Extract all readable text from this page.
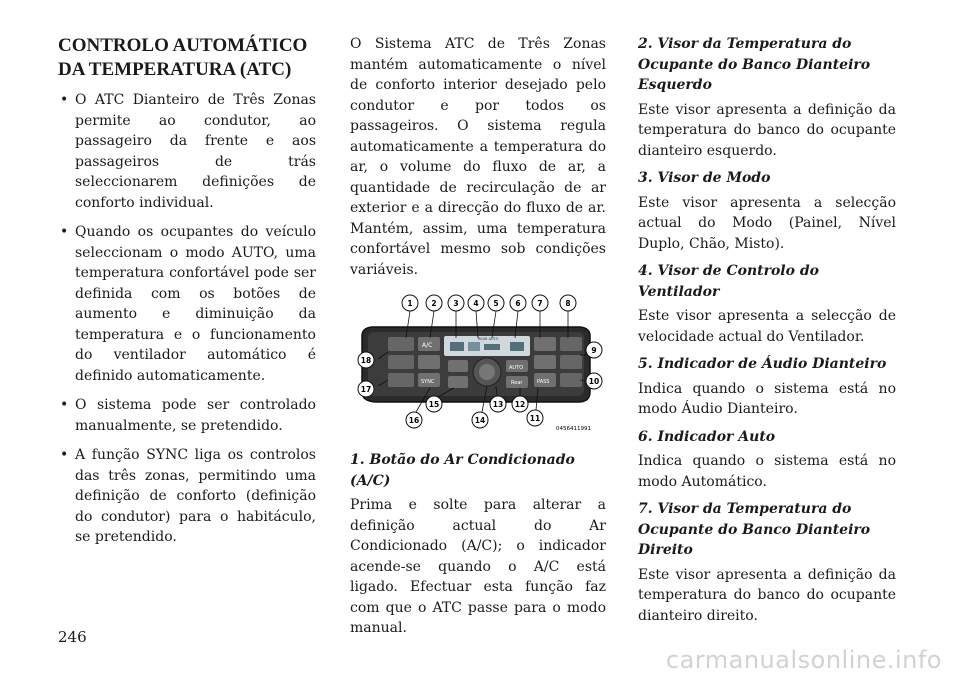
CONTROLO AUTOMÁTICO
DA TEMPERATURA (ATC)
• O ATC Dianteiro de Três Zonas permite ao condutor, ao passageiro da frente e aos passageiros de trás seleccionarem definições de conforto individual.
• Quando os ocupantes do veículo seleccionam o modo AUTO, uma temperatura confortável pode ser definida com os botões de aumento e diminuição da temperatura e o funcionamento do ventilador automático é definido automaticamente.
• O sistema pode ser controlado manualmente, se pretendido.
• A função SYNC liga os controlos das três zonas, permitindo uma definição de conforto (definição do condutor) para o habitáculo, se pretendido.

O Sistema ATC de Três Zonas mantém automaticamente o nível de conforto interior desejado pelo condutor e por todos os passageiros. O sistema regula automaticamente a temperatura do ar, o volume do fluxo de ar, a quantidade de recirculação de ar exterior e a direcção do fluxo de ar. Mantém, assim, uma temperatura confortável mesmo sob condições variáveis.

A/C
SYNC
REAR AUTO
AUTO
Rear	PASS
1	2 3 4 5 6 7	8
9
10
11
12
13
14
15
16
17
18
0456411991
1. Botão do Ar Condicionado (A/C)

Prima e solte para alterar a definição actual do Ar Condicionado (A/C); o indicador acende-se quando o A/C está ligado. Efectuar esta função faz com que o ATC passe para o modo manual.

2. Visor da Temperatura do Ocupante do Banco Dianteiro Esquerdo

Este visor apresenta a definição da temperatura do banco do ocupante dianteiro esquerdo.

3. Visor de Modo

Este visor apresenta a selecção actual do Modo (Painel, Nível Duplo, Chão, Misto).

4. Visor de Controlo do Ventilador

Este visor apresenta a selecção de velocidade actual do Ventilador.

5. Indicador de Áudio Dianteiro

Indica quando o sistema está no modo Áudio Dianteiro.

6. Indicador Auto

Indica quando o sistema está no modo Automático.

7. Visor da Temperatura do Ocupante do Banco Dianteiro Direito

Este visor apresenta a definição da temperatura do banco do ocupante dianteiro direito.

246
carmanualsonline.info
